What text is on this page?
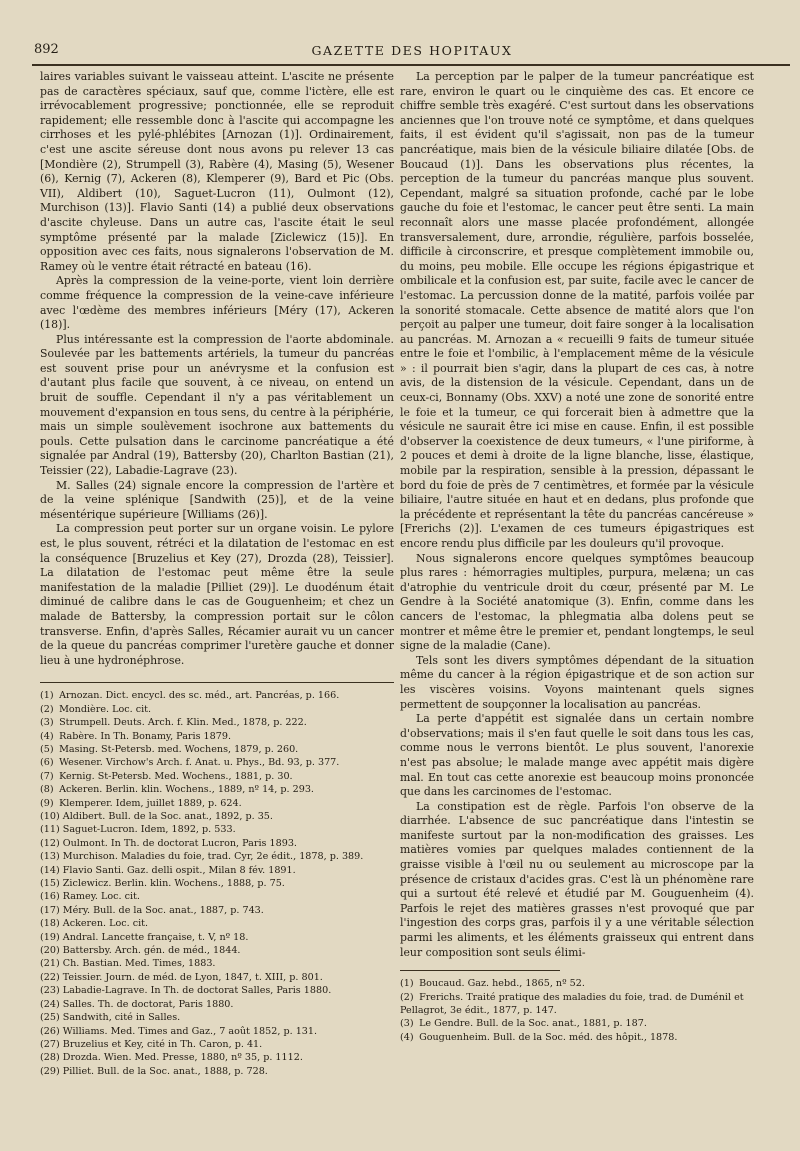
892	GAZETTE DES HOPITAUX

laires variables suivant le vaisseau atteint. L'ascite ne présente pas de caractères spéciaux, sauf que, comme l'ictère, elle est irrévocablement progressive; ponctionnée, elle se reproduit rapidement; elle ressemble donc à l'ascite qui accompagne les cirrhoses et les pylé-phlébites [Arnozan (1)]. Ordinairement, c'est une ascite séreuse dont nous avons pu relever 13 cas [Mondière (2), Strumpell (3), Rabère (4), Masing (5), Wesener (6), Kernig (7), Ackeren (8), Klemperer (9), Bard et Pic (Obs. VII), Aldibert (10), Saguet-Lucron (11), Oulmont (12), Murchison (13)]. Flavio Santi (14) a publié deux observations d'ascite chyleuse. Dans un autre cas, l'ascite était le seul symptôme présenté par la malade [Ziclewicz (15)]. En opposition avec ces faits, nous signalerons l'observation de M. Ramey où le ventre était rétracté en bateau (16).

Après la compression de la veine-porte, vient loin derrière comme fréquence la compression de la veine-cave inférieure avec l'œdème des membres inférieurs [Méry (17), Ackeren (18)].

Plus intéressante est la compression de l'aorte abdominale. Soulevée par les battements artériels, la tumeur du pancréas est souvent prise pour un anévrysme et la confusion est d'autant plus facile que souvent, à ce niveau, on entend un bruit de souffle. Cependant il n'y a pas véritablement un mouvement d'expansion en tous sens, du centre à la périphérie, mais un simple soulèvement isochrone aux battements du pouls. Cette pulsation dans le carcinome pancréatique a été signalée par Andral (19), Battersby (20), Charlton Bastian (21), Teissier (22), Labadie-Lagrave (23).

M. Salles (24) signale encore la compression de l'artère et de la veine splénique [Sandwith (25)], et de la veine mésentérique supérieure [Williams (26)].

La compression peut porter sur un organe voisin. Le pylore est, le plus souvent, rétréci et la dilatation de l'estomac en est la conséquence [Bruzelius et Key (27), Drozda (28), Teissier]. La dilatation de l'estomac peut même être la seule manifestation de la maladie [Pilliet (29)]. Le duodénum était diminué de calibre dans le cas de Gouguenheim; et chez un malade de Battersby, la compression portait sur le côlon transverse. Enfin, d'après Salles, Récamier aurait vu un cancer de la queue du pancréas comprimer l'uretère gauche et donner lieu à une hydronéphrose.

(1) Arnozan. Dict. encycl. des sc. méd., art. Pancréas, p. 166.
(2) Mondière. Loc. cit.
(3) Strumpell. Deuts. Arch. f. Klin. Med., 1878, p. 222.
(4) Rabère. In Th. Bonamy, Paris 1879.
(5) Masing. St-Petersb. med. Wochens, 1879, p. 260.
(6) Wesener. Virchow's Arch. f. Anat. u. Phys., Bd. 93, p. 377.
(7) Kernig. St-Petersb. Med. Wochens., 1881, p. 30.
(8) Ackeren. Berlin. klin. Wochens., 1889, nº 14, p. 293.
(9) Klemperer. Idem, juillet 1889, p. 624.
(10) Aldibert. Bull. de la Soc. anat., 1892, p. 35.
(11) Saguet-Lucron. Idem, 1892, p. 533.
(12) Oulmont. In Th. de doctorat Lucron, Paris 1893.
(13) Murchison. Maladies du foie, trad. Cyr, 2e édit., 1878, p. 389.
(14) Flavio Santi. Gaz. delli ospit., Milan 8 fév. 1891.
(15) Ziclewicz. Berlin. klin. Wochens., 1888, p. 75.
(16) Ramey. Loc. cit.
(17) Méry. Bull. de la Soc. anat., 1887, p. 743.
(18) Ackeren. Loc. cit.
(19) Andral. Lancette française, t. V, nº 18.
(20) Battersby. Arch. gén. de méd., 1844.
(21) Ch. Bastian. Med. Times, 1883.
(22) Teissier. Journ. de méd. de Lyon, 1847, t. XIII, p. 801.
(23) Labadie-Lagrave. In Th. de doctorat Salles, Paris 1880.
(24) Salles. Th. de doctorat, Paris 1880.
(25) Sandwith, cité in Salles.
(26) Williams. Med. Times and Gaz., 7 août 1852, p. 131.
(27) Bruzelius et Key, cité in Th. Caron, p. 41.
(28) Drozda. Wien. Med. Presse, 1880, nº 35, p. 1112.
(29) Pilliet. Bull. de la Soc. anat., 1888, p. 728.

La perception par le palper de la tumeur pancréatique est rare, environ le quart ou le cinquième des cas. Et encore ce chiffre semble très exagéré. C'est surtout dans les observations anciennes que l'on trouve noté ce symptôme, et dans quelques faits, il est évident qu'il s'agissait, non pas de la tumeur pancréatique, mais bien de la vésicule biliaire dilatée [Obs. de Boucaud (1)]. Dans les observations plus récentes, la perception de la tumeur du pancréas manque plus souvent. Cependant, malgré sa situation profonde, caché par le lobe gauche du foie et l'estomac, le cancer peut être senti. La main reconnaît alors une masse placée profondément, allongée transversalement, dure, arrondie, régulière, parfois bosselée, difficile à circonscrire, et presque complètement immobile ou, du moins, peu mobile. Elle occupe les régions épigastrique et ombilicale et la confusion est, par suite, facile avec le cancer de l'estomac. La percussion donne de la matité, parfois voilée par la sonorité stomacale. Cette absence de matité alors que l'on perçoit au palper une tumeur, doit faire songer à la localisation au pancréas. M. Arnozan a « recueilli 9 faits de tumeur située entre le foie et l'ombilic, à l'emplacement même de la vésicule » : il pourrait bien s'agir, dans la plupart de ces cas, à notre avis, de la distension de la vésicule. Cependant, dans un de ceux-ci, Bonnamy (Obs. XXV) a noté une zone de sonorité entre le foie et la tumeur, ce qui forcerait bien à admettre que la vésicule ne saurait être ici mise en cause. Enfin, il est possible d'observer la coexistence de deux tumeurs, « l'une piriforme, à 2 pouces et demi à droite de la ligne blanche, lisse, élastique, mobile par la respiration, sensible à la pression, dépassant le bord du foie de près de 7 centimètres, et formée par la vésicule biliaire, l'autre située en haut et en dedans, plus profonde que la précédente et représentant la tête du pancréas cancéreuse » [Frerichs (2)]. L'examen de ces tumeurs épigastriques est encore rendu plus difficile par les douleurs qu'il provoque.

Nous signalerons encore quelques symptômes beaucoup plus rares : hémorragies multiples, purpura, melæna; un cas d'atrophie du ventricule droit du cœur, présenté par M. Le Gendre à la Société anatomique (3). Enfin, comme dans les cancers de l'estomac, la phlegmatia alba dolens peut se montrer et même être le premier et, pendant longtemps, le seul signe de la maladie (Cane).

Tels sont les divers symptômes dépendant de la situation même du cancer à la région épigastrique et de son action sur les viscères voisins. Voyons maintenant quels signes permettent de soupçonner la localisation au pancréas.

La perte d'appétit est signalée dans un certain nombre d'observations; mais il s'en faut quelle le soit dans tous les cas, comme nous le verrons bientôt. Le plus souvent, l'anorexie n'est pas absolue; le malade mange avec appétit mais digère mal. En tout cas cette anorexie est beaucoup moins prononcée que dans les carcinomes de l'estomac.

La constipation est de règle. Parfois l'on observe de la diarrhée. L'absence de suc pancréatique dans l'intestin se manifeste surtout par la non-modification des graisses. Les matières vomies par quelques malades contiennent de la graisse visible à l'œil nu ou seulement au microscope par la présence de cristaux d'acides gras. C'est là un phénomène rare qui a surtout été relevé et étudié par M. Gouguenheim (4). Parfois le rejet des matières grasses n'est provoqué que par l'ingestion des corps gras, parfois il y a une véritable sélection parmi les aliments, et les éléments graisseux qui entrent dans leur composition sont seuls élimi-

(1) Boucaud. Gaz. hebd., 1865, nº 52.
(2) Frerichs. Traité pratique des maladies du foie, trad. de Duménil et Pellagrot, 3e édit., 1877, p. 147.
(3) Le Gendre. Bull. de la Soc. anat., 1881, p. 187.
(4) Gouguenheim. Bull. de la Soc. méd. des hôpit., 1878.
